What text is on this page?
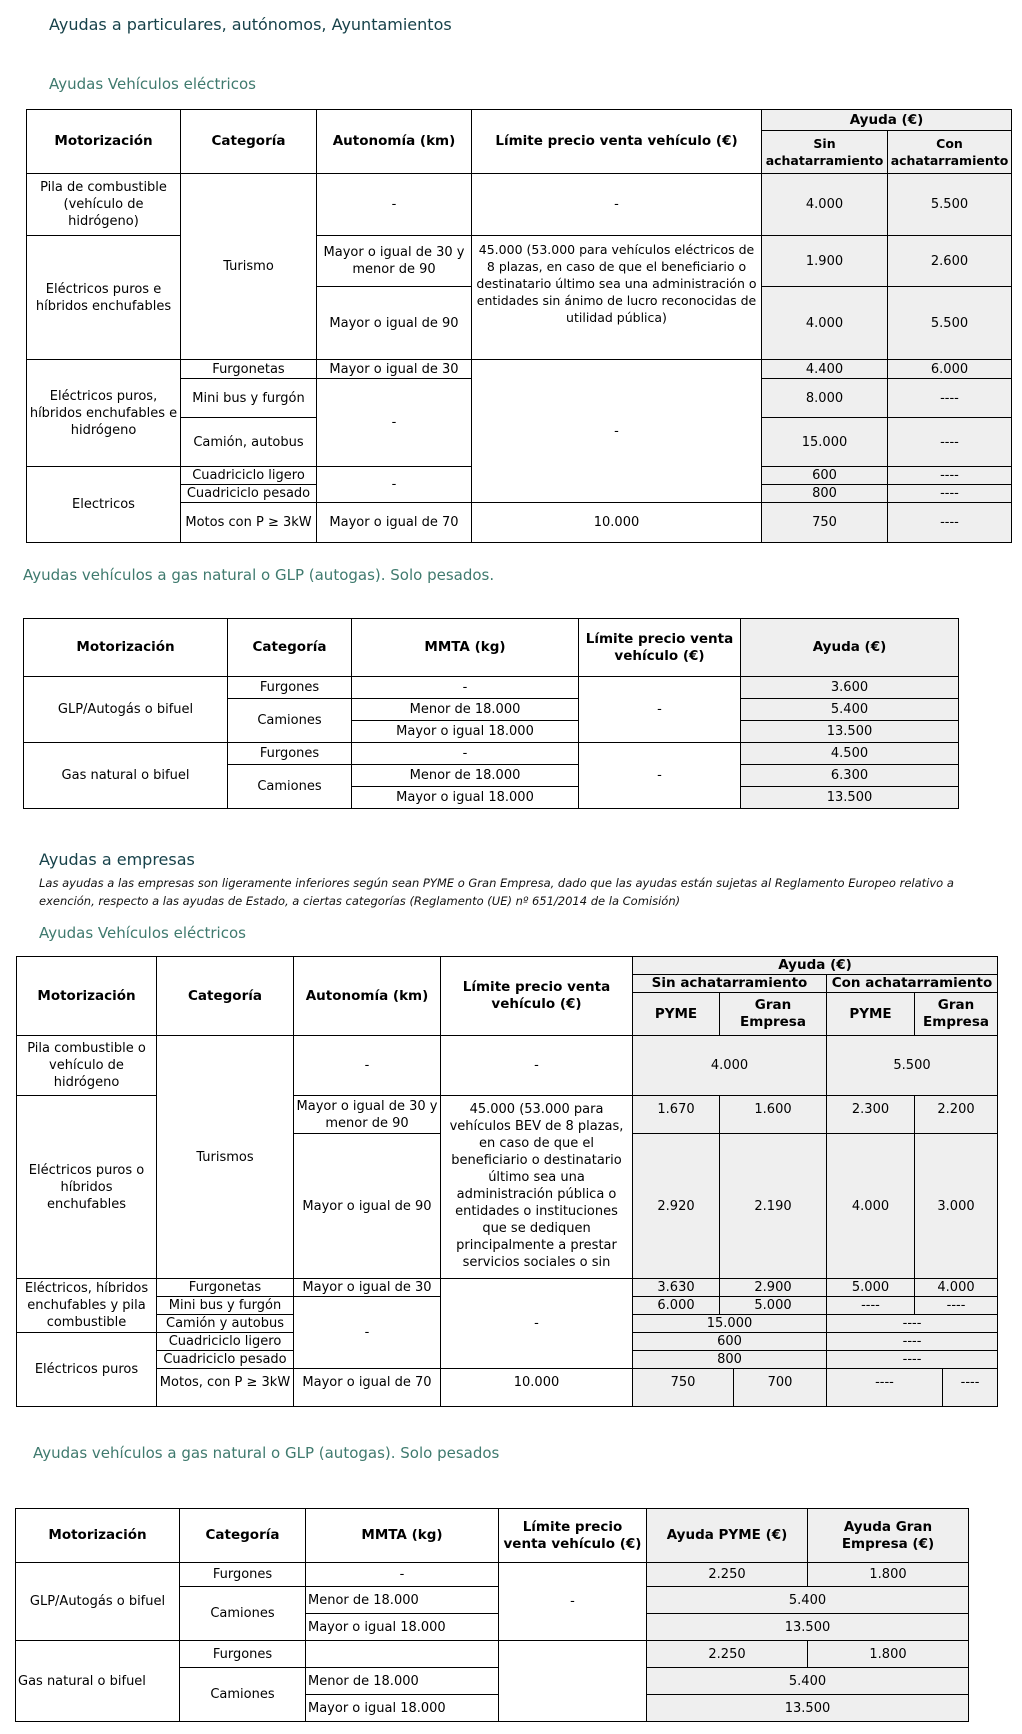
Ayudas a particulares, autónomos, Ayuntamientos
Ayudas Vehículos eléctricos
Motorización	Categoría	Autonomía (km)	Límite precio venta vehículo (€)	Ayuda (€)	
				Sin achatarramiento	Con achatarramiento
Pila de combustible (vehículo de hidrógeno)	Turismo	-	-	4.000	5.500
Eléctricos puros e híbridos enchufables		Mayor o igual de 30 y menor de 90	45.000 (53.000 para vehículos eléctricos de 8 plazas, en caso de que el beneficiario o destinatario último sea una administración o entidades sin ánimo de lucro reconocidas de utilidad pública)	1.900	2.600
		Mayor o igual de 90		4.000	5.500
Eléctricos puros, híbridos enchufables e hidrógeno	Furgonetas	Mayor o igual de 30	-	4.400	6.000
	Mini bus y furgón	-		8.000	----
	Camión, autobus			15.000	----
Electricos	Cuadriciclo ligero	-		600	----
	Cuadriciclo pesado			800	----
	Motos con P ≥ 3kW	Mayor o igual de 70	10.000	750	----
Ayudas vehículos a gas natural o GLP (autogas). Solo pesados.
Motorización	Categoría	MMTA (kg)	Límite precio venta vehículo (€)	Ayuda (€)
GLP/Autogás o bifuel	Furgones	-	-	3.600
	Camiones	Menor de 18.000		5.400
		Mayor o igual 18.000		13.500
Gas natural o bifuel	Furgones	-	-	4.500
	Camiones	Menor de 18.000		6.300
		Mayor o igual 18.000		13.500
Ayudas a empresas
Las ayudas a las empresas son ligeramente inferiores según sean PYME o Gran Empresa, dado que las ayudas están sujetas al Reglamento Europeo relativo a exención, respecto a las ayudas de Estado, a ciertas categorías (Reglamento (UE) nº 651/2014 de la Comisión)
Ayudas Vehículos eléctricos
Motorización	Categoría	Autonomía (km)	Límite precio venta vehículo (€)	Ayuda (€)					
				Sin achatarramiento			Con achatarramiento		
				PYME	Gran Empresa		PYME	Gran Empresa	
Pila combustible o vehículo de hidrógeno	Turismos	-	-	4.000			5.500		
Eléctricos puros o híbridos enchufables		Mayor o igual de 30 y menor de 90	45.000 (53.000 para vehículos BEV de 8 plazas, en caso de que el beneficiario o destinatario último sea una administración pública o entidades o instituciones que se dediquen principalmente a prestar servicios sociales o sin	1.670	1.600		2.300	2.200	
		Mayor o igual de 90		2.920	2.190		4.000	3.000	
Eléctricos, híbridos enchufables y pila combustible	Furgonetas	Mayor o igual de 30	-	3.630	2.900		5.000	4.000	
	Mini bus y furgón	-		6.000	5.000		----	----	
	Camión y autobus			15.000			----		
Eléctricos puros	Cuadriciclo ligero			600			----		
	Cuadriciclo pesado			800			----		
	Motos, con P ≥ 3kW	Mayor o igual de 70	10.000	750		700	----		----
Ayudas vehículos a gas natural o GLP (autogas). Solo pesados
Motorización	Categoría	MMTA (kg)	Límite precio venta vehículo (€)	Ayuda PYME (€)	Ayuda Gran Empresa (€)
GLP/Autogás o bifuel	Furgones	-	-	2.250	1.800
	Camiones	Menor de 18.000		5.400	
		Mayor o igual 18.000		13.500	
Gas natural o bifuel	Furgones			2.250	1.800
	Camiones	Menor de 18.000		5.400	
		Mayor o igual 18.000		13.500	
